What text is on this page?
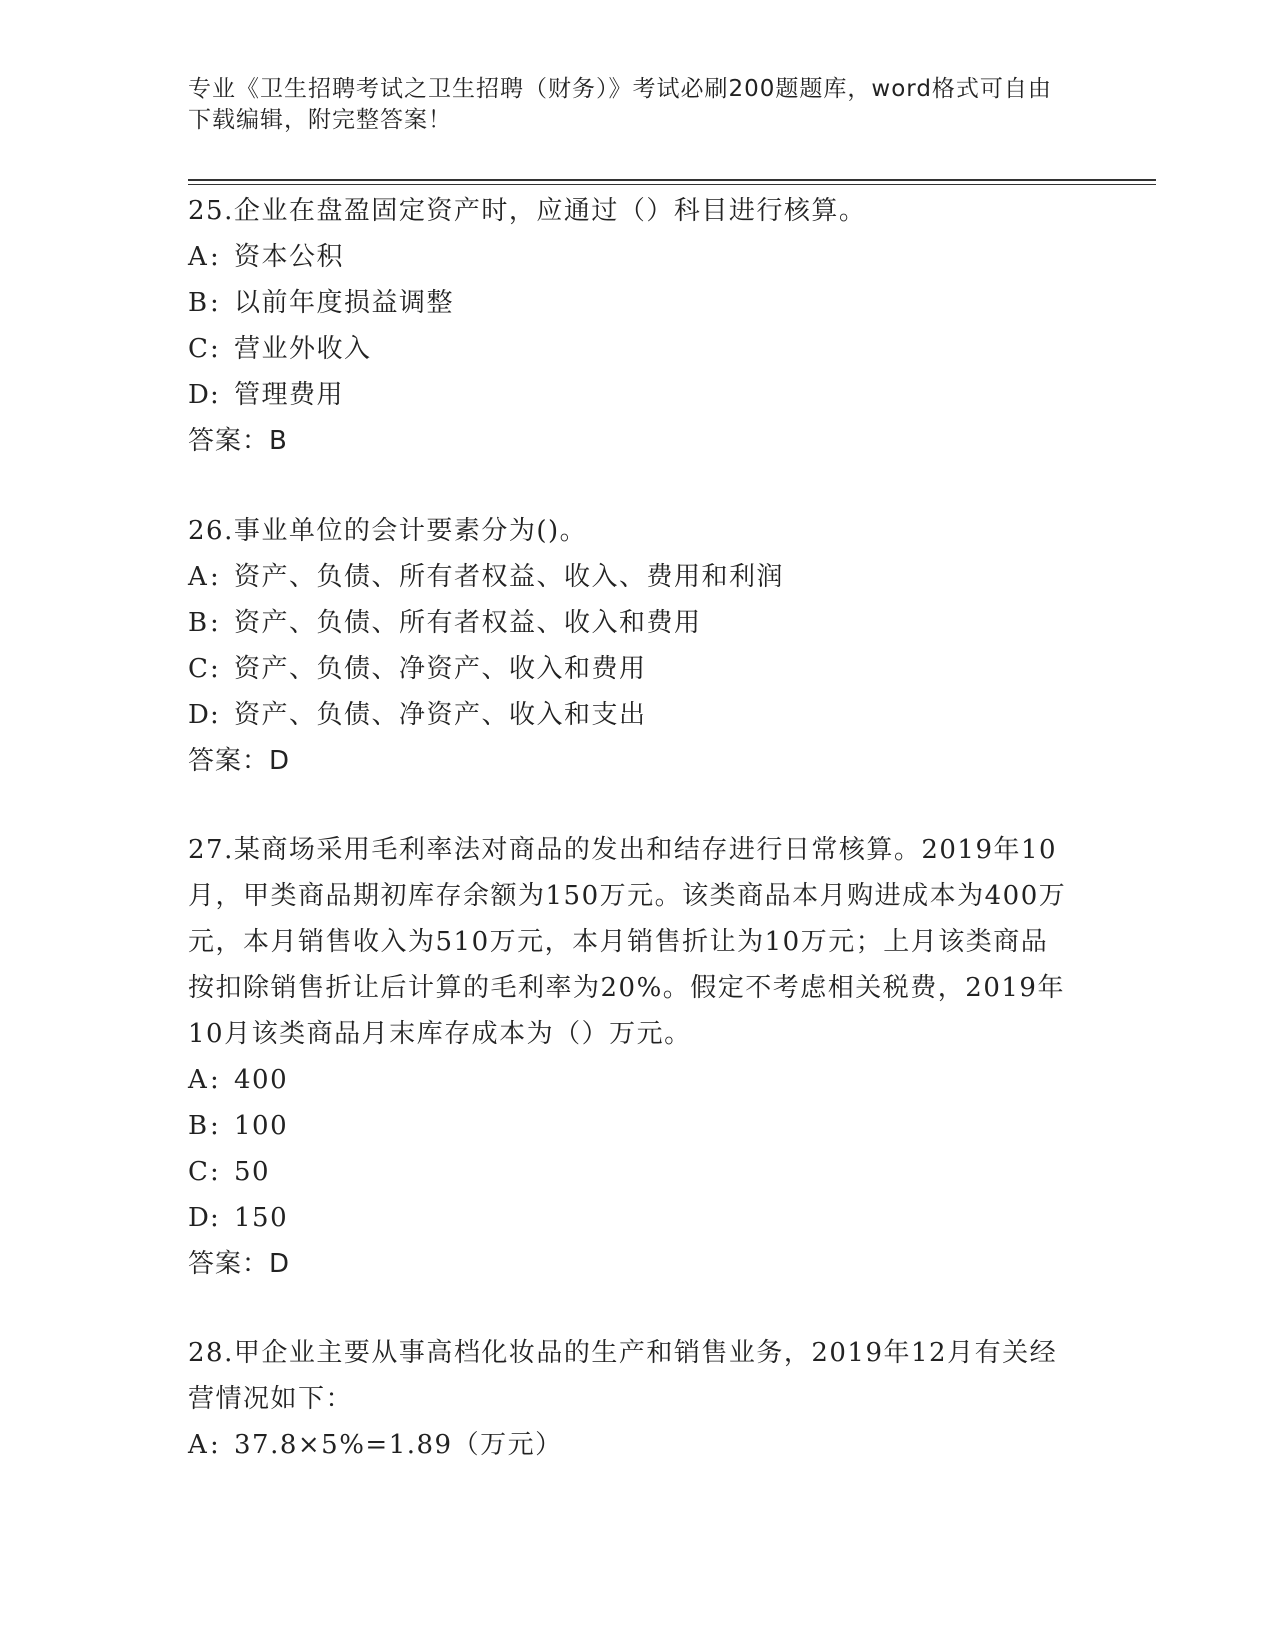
专业《卫生招聘考试之卫生招聘（财务）》考试必刷200题题库，word格式可自由下载编辑，附完整答案！
25.企业在盘盈固定资产时，应通过（）科目进行核算。
A: 资本公积
B: 以前年度损益调整
C: 营业外收入
D: 管理费用
答案：B
26.事业单位的会计要素分为()。
A: 资产、负债、所有者权益、收入、费用和利润
B: 资产、负债、所有者权益、收入和费用
C: 资产、负债、净资产、收入和费用
D: 资产、负债、净资产、收入和支出
答案：D
27.某商场采用毛利率法对商品的发出和结存进行日常核算。2019年10月，甲类商品期初库存余额为150万元。该类商品本月购进成本为400万元，本月销售收入为510万元，本月销售折让为10万元；上月该类商品按扣除销售折让后计算的毛利率为20%。假定不考虑相关税费，2019年10月该类商品月末库存成本为（）万元。
A: 400
B: 100
C: 50
D: 150
答案：D
28.甲企业主要从事高档化妆品的生产和销售业务，2019年12月有关经营情况如下：
A: 37.8×5%=1.89（万元）
